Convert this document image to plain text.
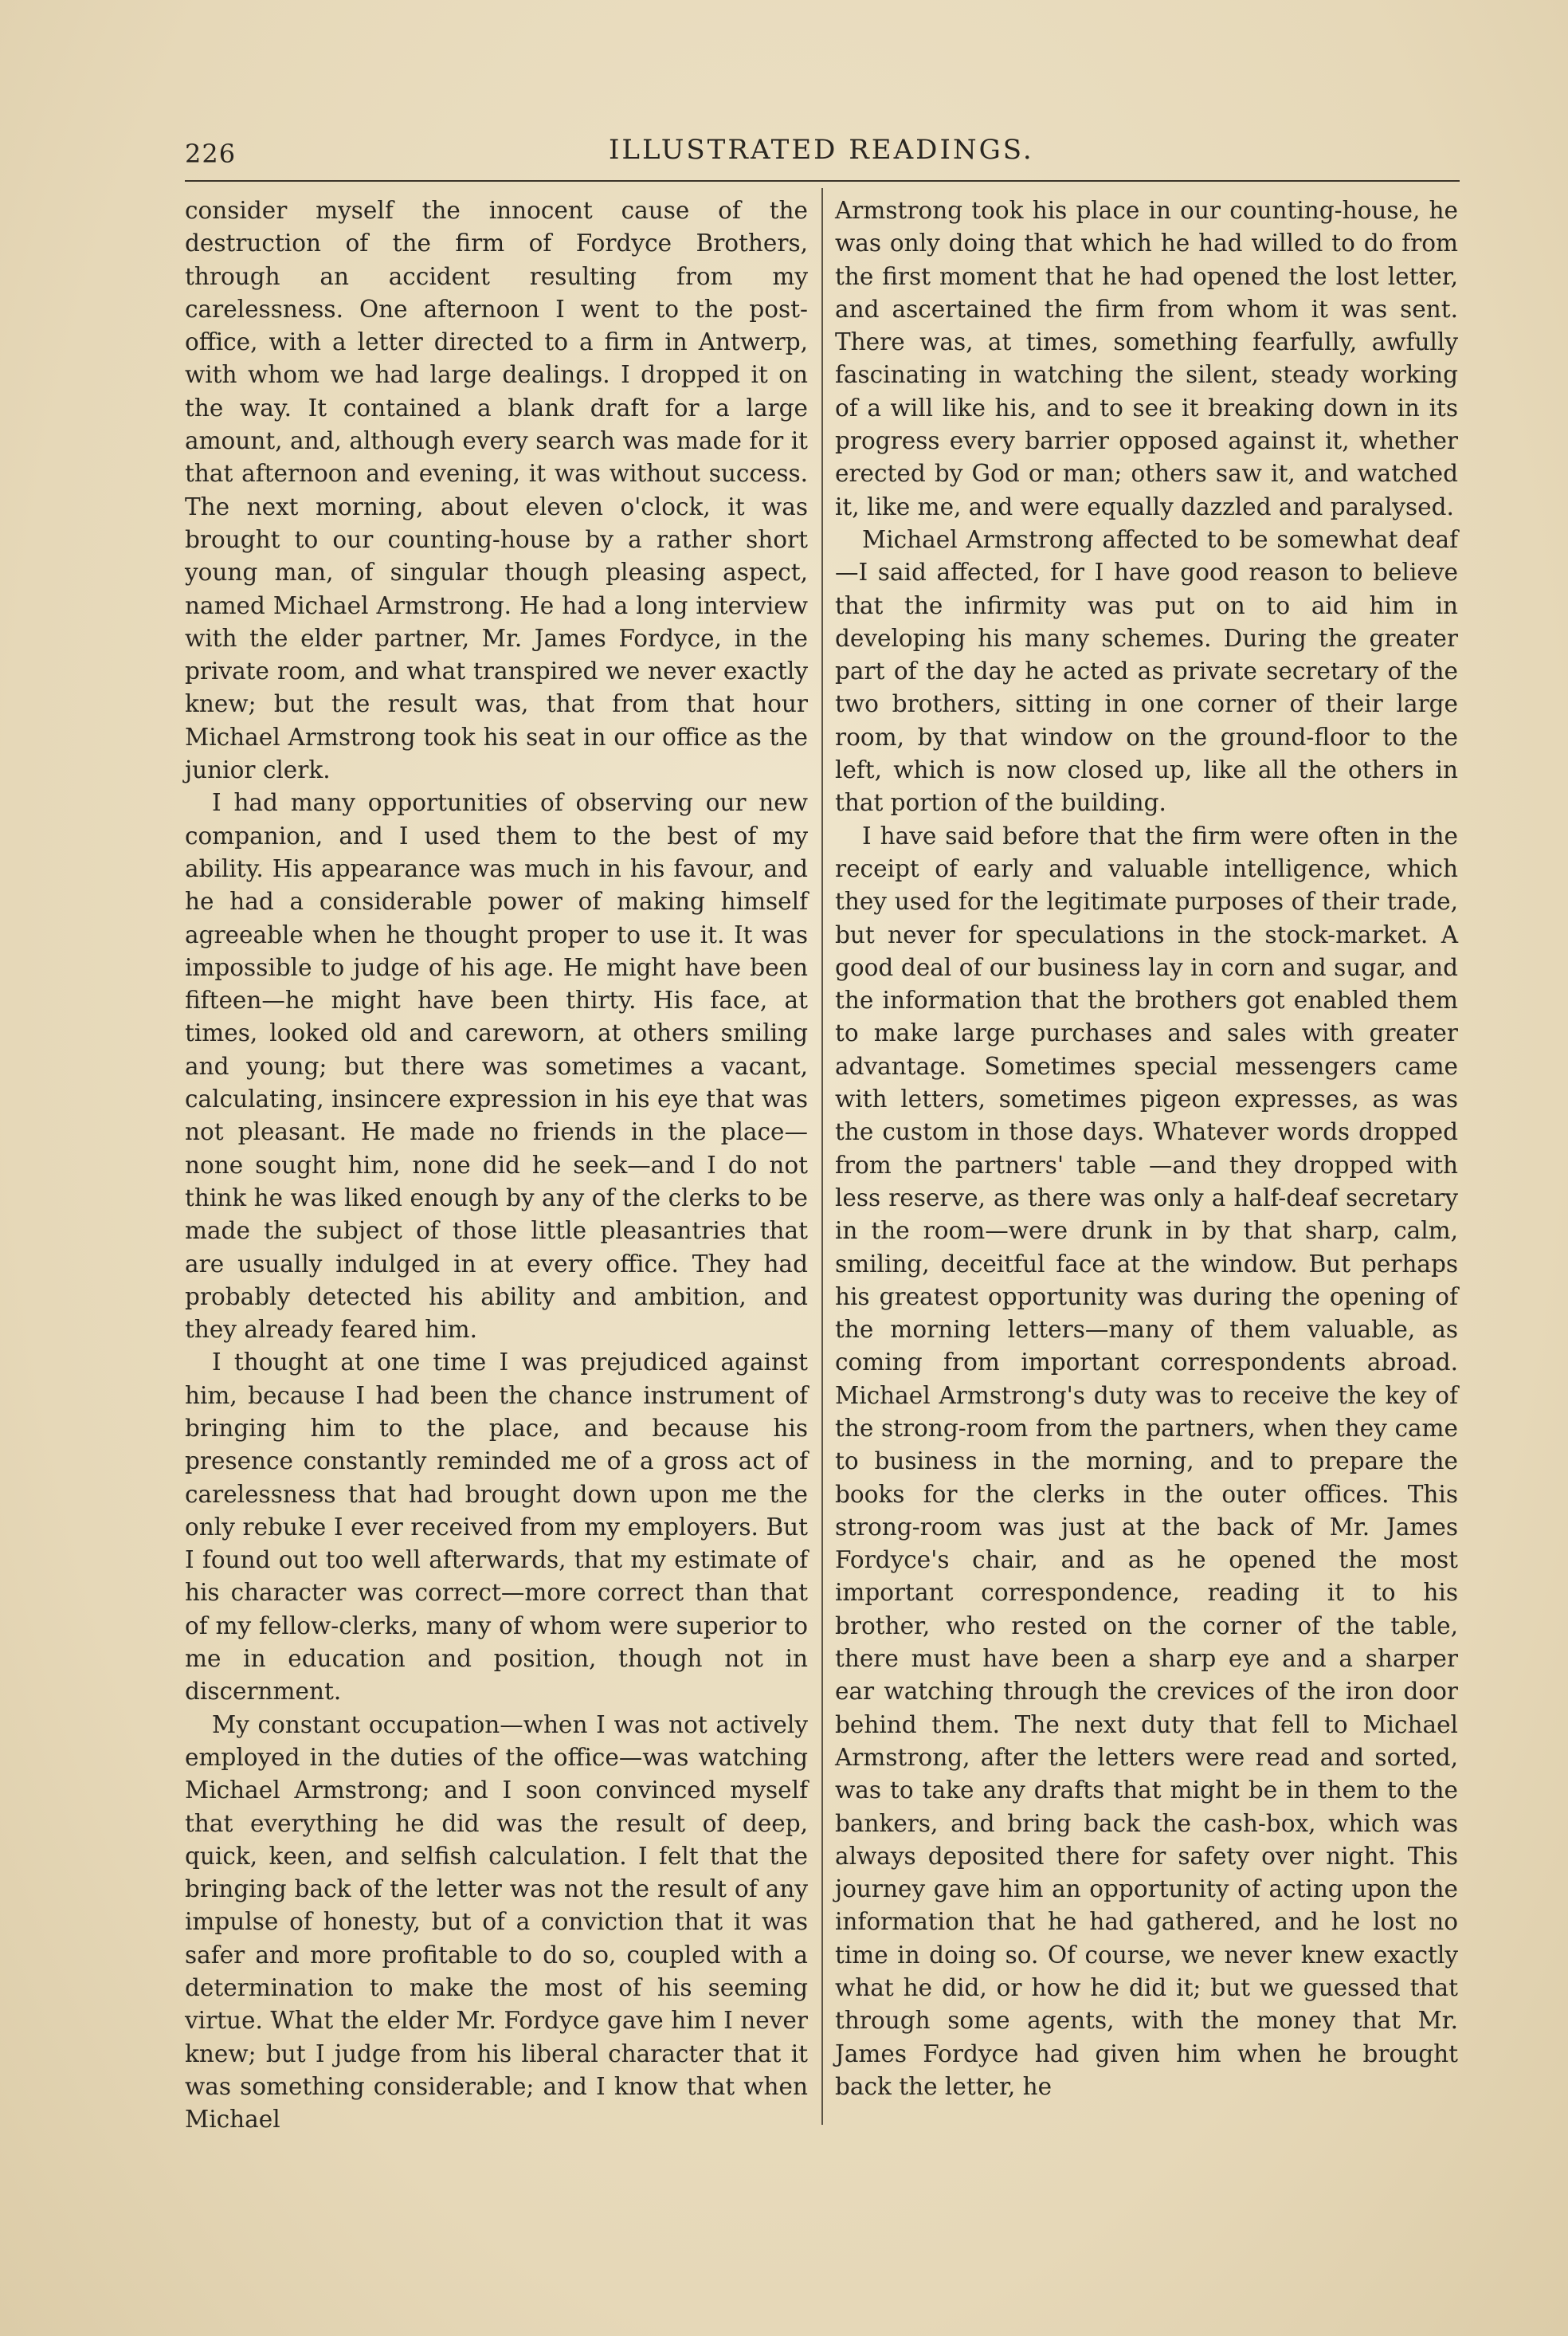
226	ILLUSTRATED READINGS.

consider myself the innocent cause of the destruction of the firm of Fordyce Brothers, through an accident resulting from my carelessness. One afternoon I went to the post-office, with a letter directed to a firm in Antwerp, with whom we had large dealings. I dropped it on the way. It contained a blank draft for a large amount, and, although every search was made for it that afternoon and evening, it was without success. The next morning, about eleven o'clock, it was brought to our counting-house by a rather short young man, of singular though pleasing aspect, named Michael Armstrong. He had a long interview with the elder partner, Mr. James Fordyce, in the private room, and what transpired we never exactly knew; but the result was, that from that hour Michael Armstrong took his seat in our office as the junior clerk.

I had many opportunities of observing our new companion, and I used them to the best of my ability. His appearance was much in his favour, and he had a considerable power of making himself agreeable when he thought proper to use it. It was impossible to judge of his age. He might have been fifteen—he might have been thirty. His face, at times, looked old and careworn, at others smiling and young; but there was sometimes a vacant, calculating, insincere expression in his eye that was not pleasant. He made no friends in the place—none sought him, none did he seek—and I do not think he was liked enough by any of the clerks to be made the subject of those little pleasantries that are usually indulged in at every office. They had probably detected his ability and ambition, and they already feared him.

I thought at one time I was prejudiced against him, because I had been the chance instrument of bringing him to the place, and because his presence constantly reminded me of a gross act of carelessness that had brought down upon me the only rebuke I ever received from my employers. But I found out too well afterwards, that my estimate of his character was correct—more correct than that of my fellow-clerks, many of whom were superior to me in education and position, though not in discernment.

My constant occupation—when I was not actively employed in the duties of the office—was watching Michael Armstrong; and I soon convinced myself that everything he did was the result of deep, quick, keen, and selfish calculation. I felt that the bringing back of the letter was not the result of any impulse of honesty, but of a conviction that it was safer and more profitable to do so, coupled with a determination to make the most of his seeming virtue. What the elder Mr. Fordyce gave him I never knew; but I judge from his liberal character that it was something considerable; and I know that when Michael

Armstrong took his place in our counting-house, he was only doing that which he had willed to do from the first moment that he had opened the lost letter, and ascertained the firm from whom it was sent. There was, at times, something fearfully, awfully fascinating in watching the silent, steady working of a will like his, and to see it breaking down in its progress every barrier opposed against it, whether erected by God or man; others saw it, and watched it, like me, and were equally dazzled and paralysed.

Michael Armstrong affected to be somewhat deaf—I said affected, for I have good reason to believe that the infirmity was put on to aid him in developing his many schemes. During the greater part of the day he acted as private secretary of the two brothers, sitting in one corner of their large room, by that window on the ground-floor to the left, which is now closed up, like all the others in that portion of the building.

I have said before that the firm were often in the receipt of early and valuable intelligence, which they used for the legitimate purposes of their trade, but never for speculations in the stock-market. A good deal of our business lay in corn and sugar, and the information that the brothers got enabled them to make large purchases and sales with greater advantage. Sometimes special messengers came with letters, sometimes pigeon expresses, as was the custom in those days. Whatever words dropped from the partners' table —and they dropped with less reserve, as there was only a half-deaf secretary in the room—were drunk in by that sharp, calm, smiling, deceitful face at the window. But perhaps his greatest opportunity was during the opening of the morning letters—many of them valuable, as coming from important correspondents abroad. Michael Armstrong's duty was to receive the key of the strong-room from the partners, when they came to business in the morning, and to prepare the books for the clerks in the outer offices. This strong-room was just at the back of Mr. James Fordyce's chair, and as he opened the most important correspondence, reading it to his brother, who rested on the corner of the table, there must have been a sharp eye and a sharper ear watching through the crevices of the iron door behind them. The next duty that fell to Michael Armstrong, after the letters were read and sorted, was to take any drafts that might be in them to the bankers, and bring back the cash-box, which was always deposited there for safety over night. This journey gave him an opportunity of acting upon the information that he had gathered, and he lost no time in doing so. Of course, we never knew exactly what he did, or how he did it; but we guessed that through some agents, with the money that Mr. James Fordyce had given him when he brought back the letter, he
